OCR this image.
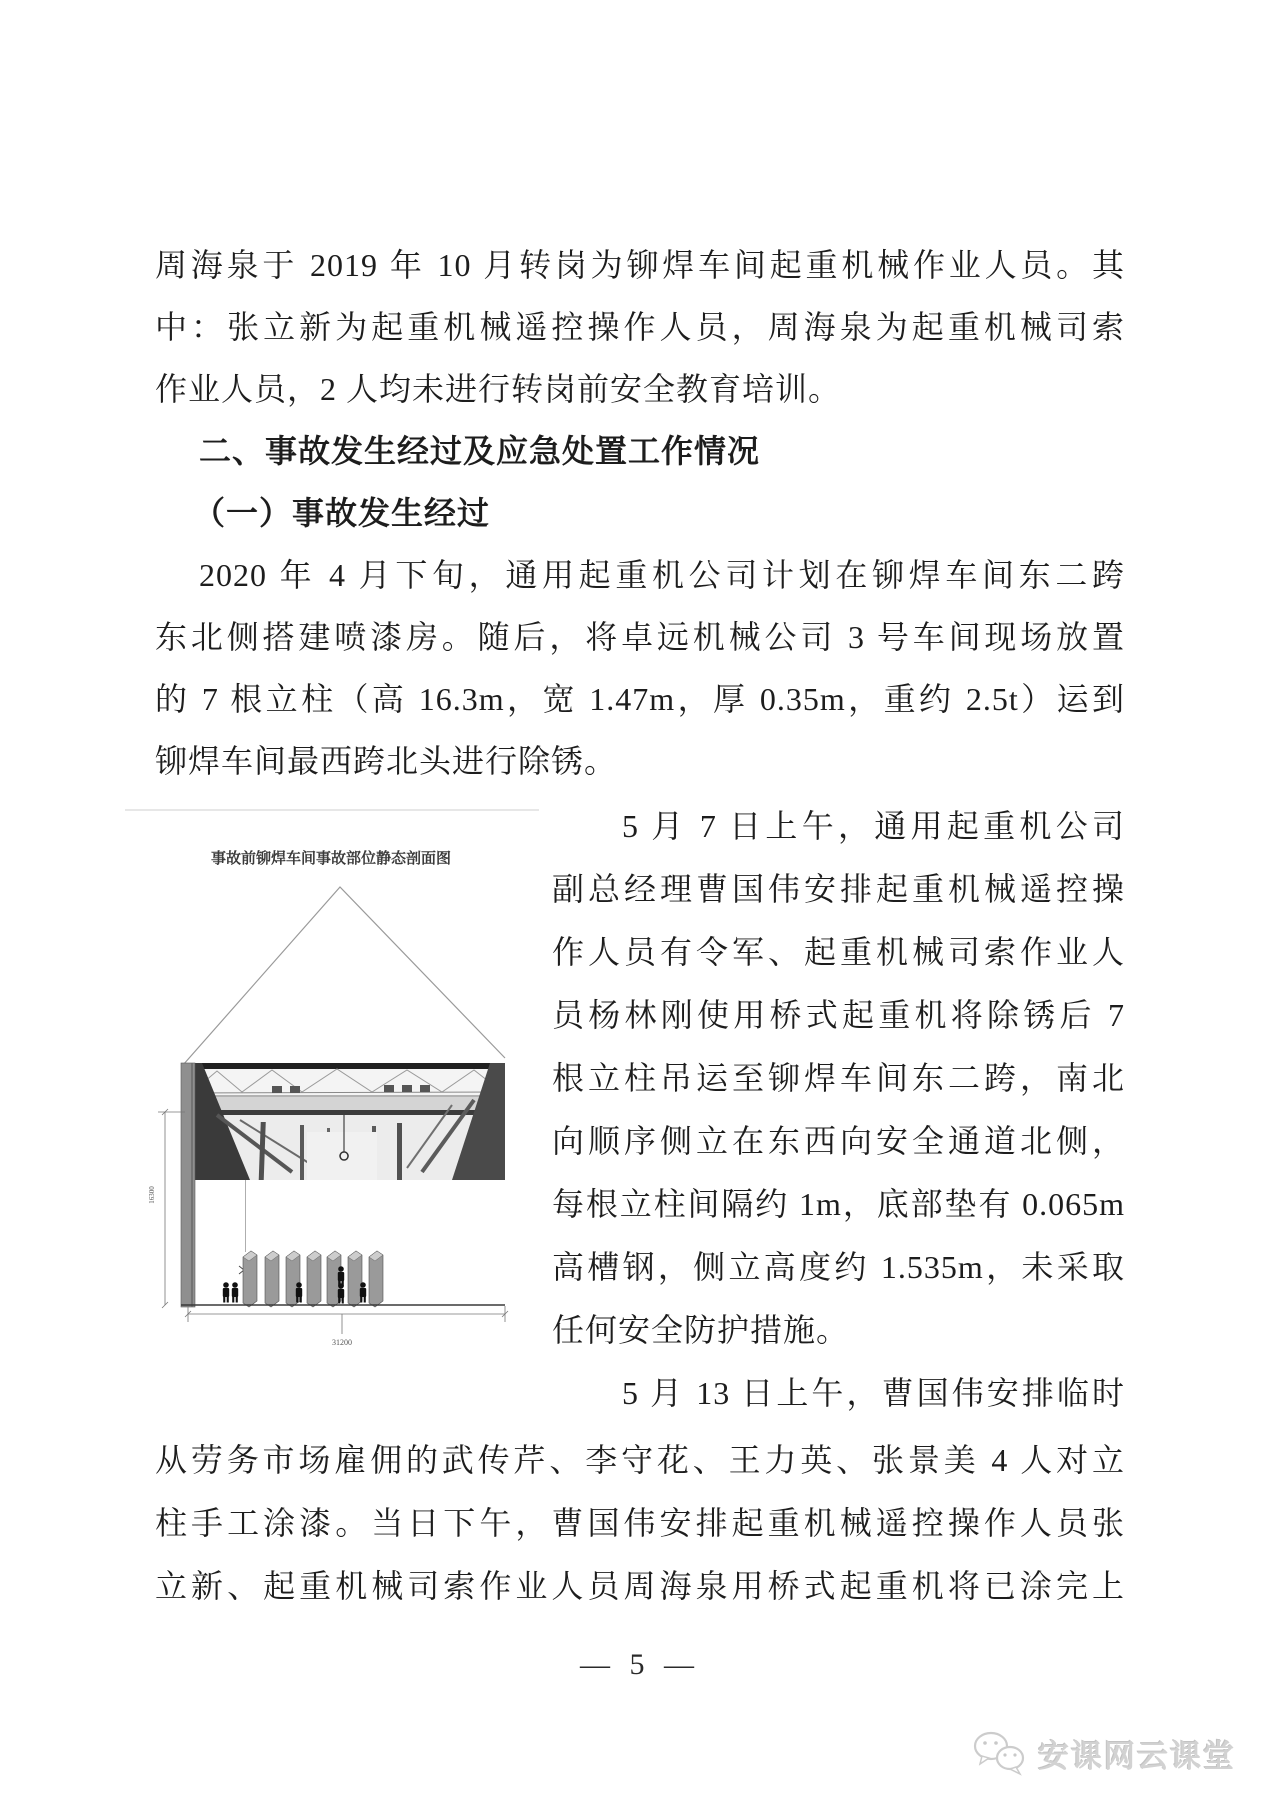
周海泉于 2019 年 10 月转岗为铆焊车间起重机械作业人员。其
中：张立新为起重机械遥控操作人员，周海泉为起重机械司索
作业人员，2 人均未进行转岗前安全教育培训。
二、事故发生经过及应急处置工作情况
（一）事故发生经过
2020 年 4 月下旬，通用起重机公司计划在铆焊车间东二跨
东北侧搭建喷漆房。随后，将卓远机械公司 3 号车间现场放置
的 7 根立柱（高 16.3m，宽 1.47m，厚 0.35m，重约 2.5t）运到
铆焊车间最西跨北头进行除锈。
事故前铆焊车间事故部位静态剖面图
31200
16300
5 月 7 日上午，通用起重机公司
副总经理曹国伟安排起重机械遥控操
作人员有令军、起重机械司索作业人
员杨林刚使用桥式起重机将除锈后 7
根立柱吊运至铆焊车间东二跨，南北
向顺序侧立在东西向安全通道北侧，
每根立柱间隔约 1m，底部垫有 0.065m
高槽钢，侧立高度约 1.535m，未采取
任何安全防护措施。
5 月 13 日上午，曹国伟安排临时
从劳务市场雇佣的武传芹、李守花、王力英、张景美 4 人对立
柱手工涂漆。当日下午，曹国伟安排起重机械遥控操作人员张
立新、起重机械司索作业人员周海泉用桥式起重机将已涂完上
— 5 —
安课网云课堂
